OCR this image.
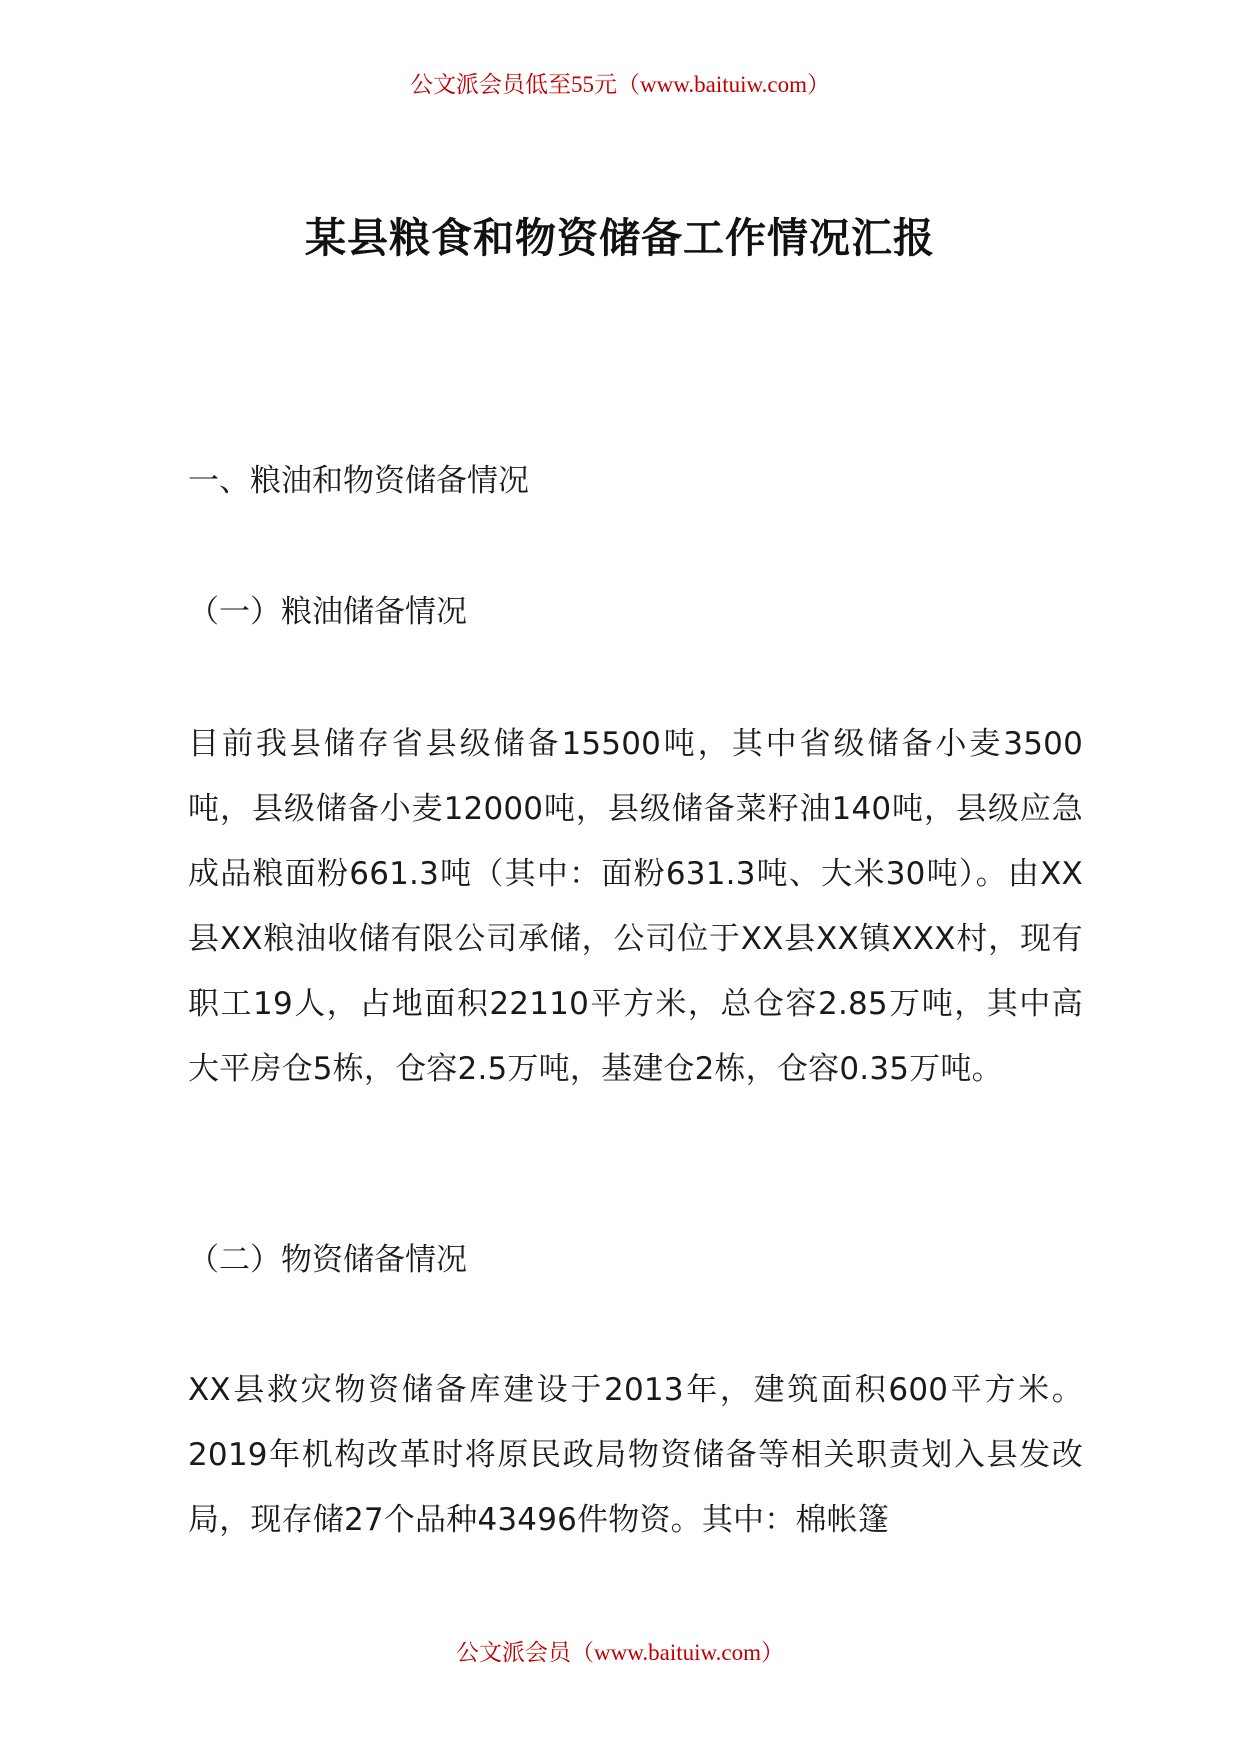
公文派会员低至55元（www.baituiw.com）
某县粮食和物资储备工作情况汇报
一、粮油和物资储备情况
（一）粮油储备情况

目前我县储存省县级储备15500吨，其中省级储备小麦3500吨，县级储备小麦12000吨，县级储备菜籽油140吨，县级应急成品粮面粉661.3吨（其中：面粉631.3吨、大米30吨）。由XX县XX粮油收储有限公司承储，公司位于XX县XX镇XXX村，现有职工19人，占地面积22110平方米，总仓容2.85万吨，其中高大平房仓5栋，仓容2.5万吨，基建仓2栋，仓容0.35万吨。

（二）物资储备情况

XX县救灾物资储备库建设于2013年，建筑面积600平方米。2019年机构改革时将原民政局物资储备等相关职责划入县发改局，现存储27个品种43496件物资。其中：棉帐篷

公文派会员（www.baituiw.com）
